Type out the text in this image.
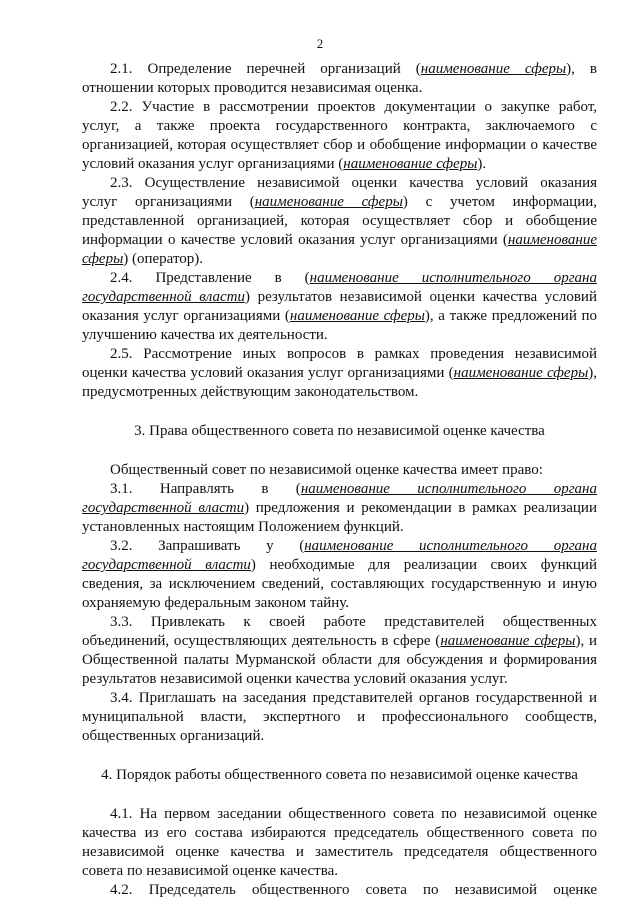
2
2.1. Определение перечней организаций (наименование сферы), в
отношении которых проводится независимая оценка.
2.2. Участие в рассмотрении проектов документации о закупке работ,
услуг, а также проекта государственного контракта, заключаемого с
организацией, которая осуществляет сбор и обобщение информации о качестве
условий оказания услуг организациями (наименование сферы).
2.3. Осуществление независимой оценки качества условий оказания
услуг организациями (наименование сферы) с учетом информации,
представленной организацией, которая осуществляет сбор и обобщение
информации о качестве условий оказания услуг организациями (наименование
сферы) (оператор).
2.4. Представление в (наименование исполнительного органа
государственной власти) результатов независимой оценки качества условий
оказания услуг организациями (наименование сферы), а также предложений по
улучшению качества их деятельности.
2.5. Рассмотрение иных вопросов в рамках проведения независимой
оценки качества условий оказания услуг организациями (наименование сферы),
предусмотренных действующим законодательством.
3. Права общественного совета по независимой оценке качества
Общественный совет по независимой оценке качества имеет право:
3.1. Направлять в (наименование исполнительного органа
государственной власти) предложения и рекомендации в рамках реализации
установленных настоящим Положением функций.
3.2. Запрашивать у (наименование исполнительного органа
государственной власти) необходимые для реализации своих функций
сведения, за исключением сведений, составляющих государственную и иную
охраняемую федеральным законом тайну.
3.3. Привлекать к своей работе представителей общественных
объединений, осуществляющих деятельность в сфере (наименование сферы), и
Общественной палаты Мурманской области для обсуждения и формирования
результатов независимой оценки качества условий оказания услуг.
3.4. Приглашать на заседания представителей органов государственной и
муниципальной власти, экспертного и профессионального сообществ,
общественных организаций.
4. Порядок работы общественного совета по независимой оценке качества
4.1. На первом заседании общественного совета по независимой оценке
качества из его состава избираются председатель общественного совета по
независимой оценке качества и заместитель председателя общественного
совета по независимой оценке качества.
4.2. Председатель общественного совета по независимой оценке
